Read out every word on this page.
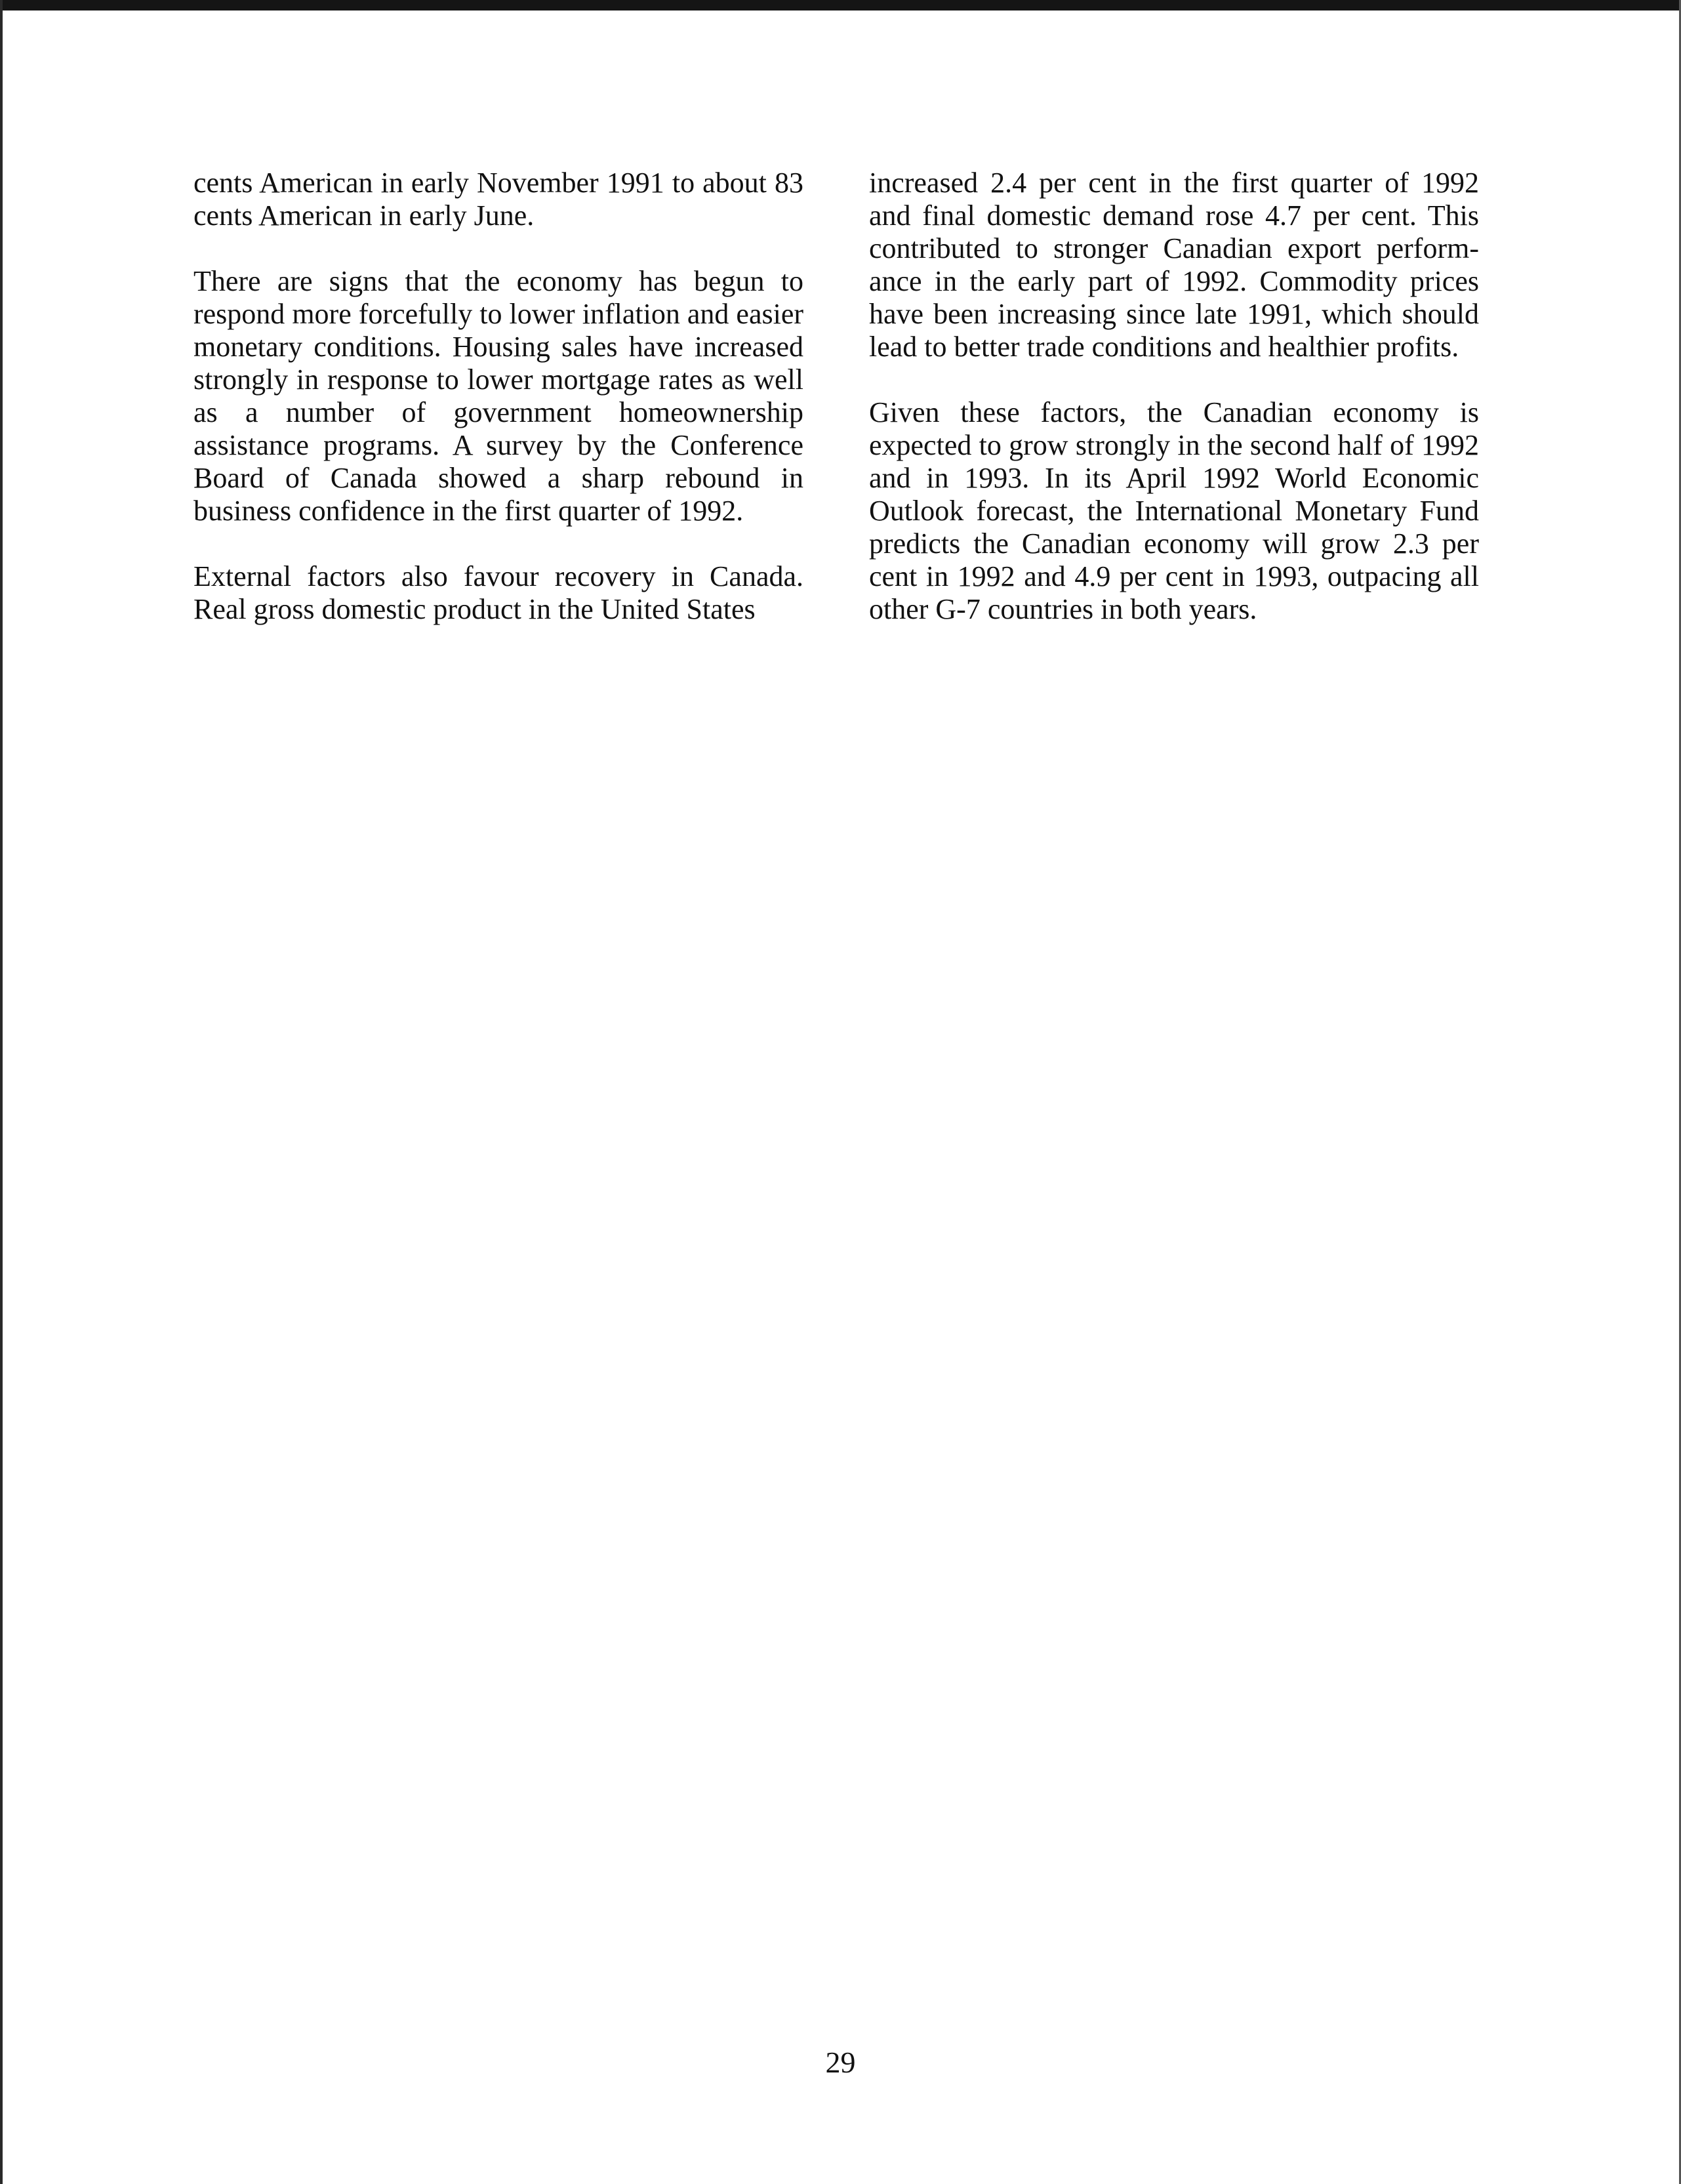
cents American in early November 1991 to about 83 cents American in early June.

There are signs that the economy has begun to respond more forcefully to lower inflation and easier monetary conditions. Housing sales have increased strongly in response to lower mortgage rates as well as a number of government homeownership assistance programs. A survey by the Conference Board of Canada showed a sharp rebound in business confidence in the first quarter of 1992.

External factors also favour recovery in Canada. Real gross domestic product in the United States

increased 2.4 per cent in the first quarter of 1992 and final domestic demand rose 4.7 per cent. This contributed to stronger Canadian export performance in the early part of 1992. Commodity prices have been increasing since late 1991, which should lead to better trade conditions and healthier profits.

Given these factors, the Canadian economy is expected to grow strongly in the second half of 1992 and in 1993. In its April 1992 World Economic Outlook forecast, the International Monetary Fund predicts the Canadian economy will grow 2.3 per cent in 1992 and 4.9 per cent in 1993, outpacing all other G-7 countries in both years.

29
